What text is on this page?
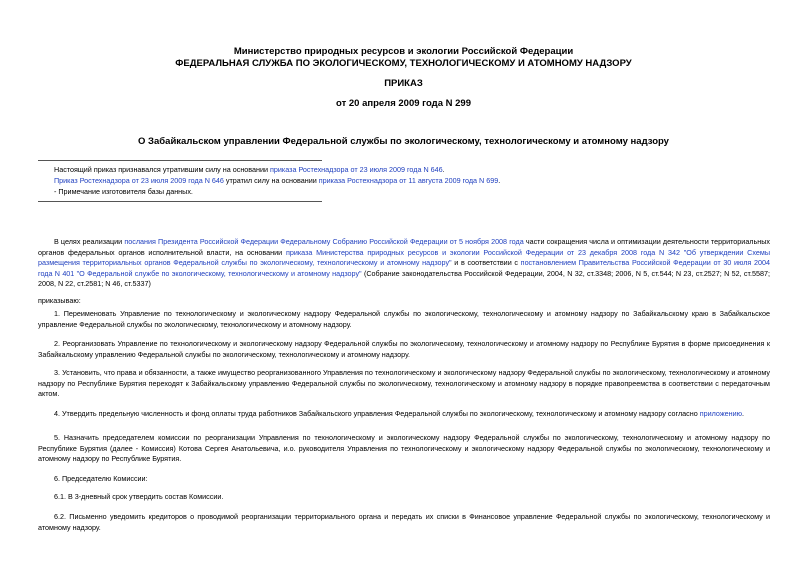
Министерство природных ресурсов и экологии Российской Федерации
ФЕДЕРАЛЬНАЯ СЛУЖБА ПО ЭКОЛОГИЧЕСКОМУ, ТЕХНОЛОГИЧЕСКОМУ И АТОМНОМУ НАДЗОРУ
ПРИКАЗ
от 20 апреля 2009 года N 299
О Забайкальском управлении Федеральной службы по экологическому, технологическому и атомному надзору
Настоящий приказ признавался утратившим силу на основании приказа Ростехнадзора от 23 июля 2009 года N 646.
Приказ Ростехнадзора от 23 июля 2009 года N 646 утратил силу на основании приказа Ростехнадзора от 11 августа 2009 года N 699.
- Примечание изготовителя базы данных.
В целях реализации послания Президента Российской Федерации Федеральному Собранию Российской Федерации от 5 ноября 2008 года части сокращения числа и оптимизации деятельности территориальных органов федеральных органов исполнительной власти, на основании приказа Министерства природных ресурсов и экологии Российской Федерации от 23 декабря 2008 года N 342 "Об утверждении Схемы размещения территориальных органов Федеральной службы по экологическому, технологическому и атомному надзору" и в соответствии с постановлением Правительства Российской Федерации от 30 июля 2004 года N 401 "О Федеральной службе по экологическому, технологическому и атомному надзору" (Собрание законодательства Российской Федерации, 2004, N 32, ст.3348; 2006, N 5, ст.544; N 23, ст.2527; N 52, ст.5587; 2008, N 22, ст.2581; N 46, ст.5337)
приказываю:
1. Переименовать Управление по технологическому и экологическому надзору Федеральной службы по экологическому, технологическому и атомному надзору по Забайкальскому краю в Забайкальское управление Федеральной службы по экологическому, технологическому и атомному надзору.
2. Реорганизовать Управление по технологическому и экологическому надзору Федеральной службы по экологическому, технологическому и атомному надзору по Республике Бурятия в форме присоединения к Забайкальскому управлению Федеральной службы по экологическому, технологическому и атомному надзору.
3. Установить, что права и обязанности, а также имущество реорганизованного Управления по технологическому и экологическому надзору Федеральной службы по экологическому, технологическому и атомному надзору по Республике Бурятия переходят к Забайкальскому управлению Федеральной службы по экологическому, технологическому и атомному надзору в порядке правопреемства в соответствии с передаточным актом.
4. Утвердить предельную численность и фонд оплаты труда работников Забайкальского управления Федеральной службы по экологическому, технологическому и атомному надзору согласно приложению.
5. Назначить председателем комиссии по реорганизации Управления по технологическому и экологическому надзору Федеральной службы по экологическому, технологическому и атомному надзору по Республике Бурятия (далее - Комиссия) Котова Сергея Анатольевича, и.о. руководителя Управления по технологическому и экологическому надзору Федеральной службы по экологическому, технологическому и атомному надзору по Республике Бурятия.
6. Председателю Комиссии:
6.1. В 3-дневный срок утвердить состав Комиссии.
6.2. Письменно уведомить кредиторов о проводимой реорганизации территориального органа и передать их списки в Финансовое управление Федеральной службы по экологическому, технологическому и атомному надзору.
